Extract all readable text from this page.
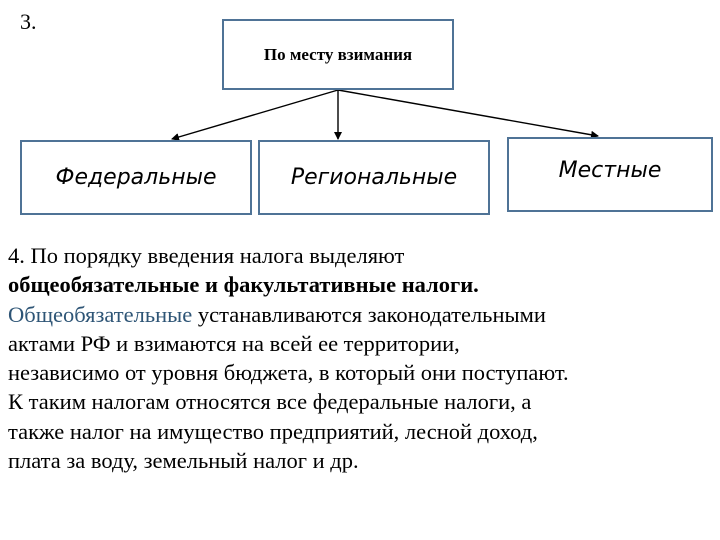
3.
По месту взимания
Федеральные	Региональные	Местные
4. По порядку введения налога выделяют
общеобязательные и факультативные налоги.
Общеобязательные устанавливаются законодательными
актами РФ и взимаются на всей ее территории,
независимо от уровня бюджета, в который они поступают.
К таким налогам относятся все федеральные налоги, а
также налог на имущество предприятий, лесной доход,
плата за воду, земельный налог и др.
